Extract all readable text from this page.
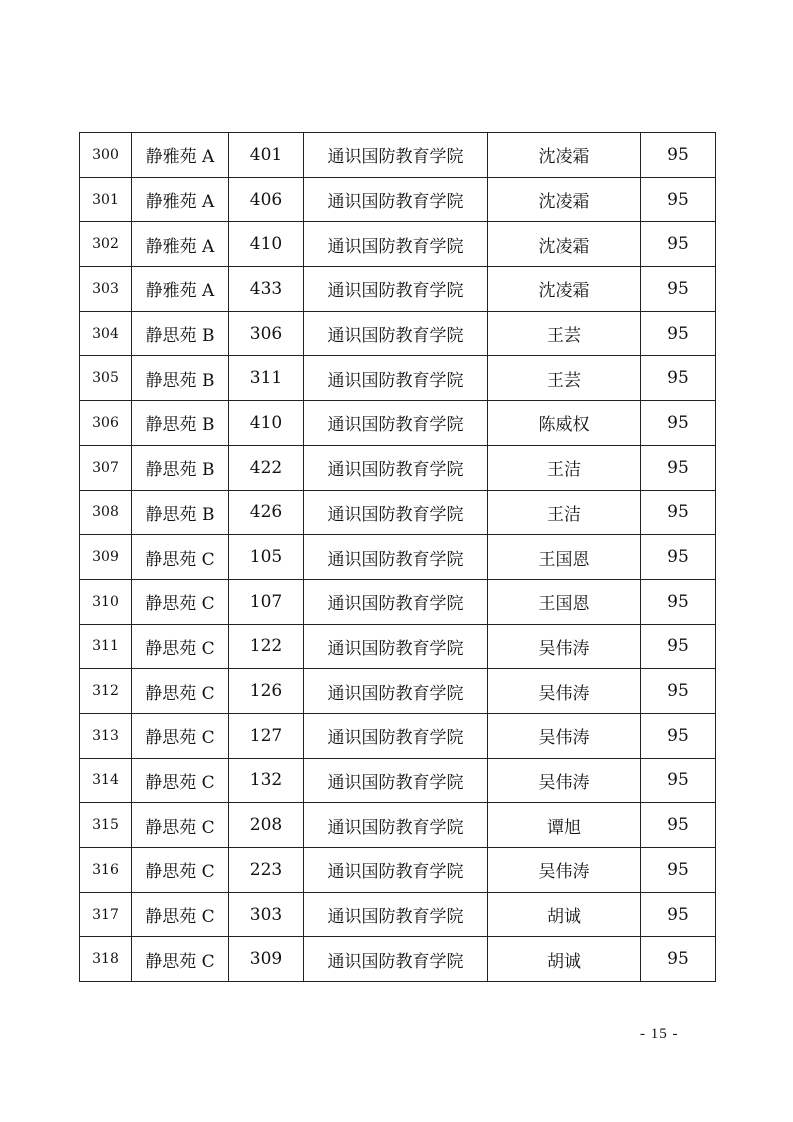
300	静雅苑 A	401	通识国防教育学院	沈凌霜	95
301	静雅苑 A	406	通识国防教育学院	沈凌霜	95
302	静雅苑 A	410	通识国防教育学院	沈凌霜	95
303	静雅苑 A	433	通识国防教育学院	沈凌霜	95
304	静思苑 B	306	通识国防教育学院	王芸	95
305	静思苑 B	311	通识国防教育学院	王芸	95
306	静思苑 B	410	通识国防教育学院	陈威权	95
307	静思苑 B	422	通识国防教育学院	王洁	95
308	静思苑 B	426	通识国防教育学院	王洁	95
309	静思苑 C	105	通识国防教育学院	王国恩	95
310	静思苑 C	107	通识国防教育学院	王国恩	95
311	静思苑 C	122	通识国防教育学院	吴伟涛	95
312	静思苑 C	126	通识国防教育学院	吴伟涛	95
313	静思苑 C	127	通识国防教育学院	吴伟涛	95
314	静思苑 C	132	通识国防教育学院	吴伟涛	95
315	静思苑 C	208	通识国防教育学院	谭旭	95
316	静思苑 C	223	通识国防教育学院	吴伟涛	95
317	静思苑 C	303	通识国防教育学院	胡诚	95
318	静思苑 C	309	通识国防教育学院	胡诚	95
- 15 -
